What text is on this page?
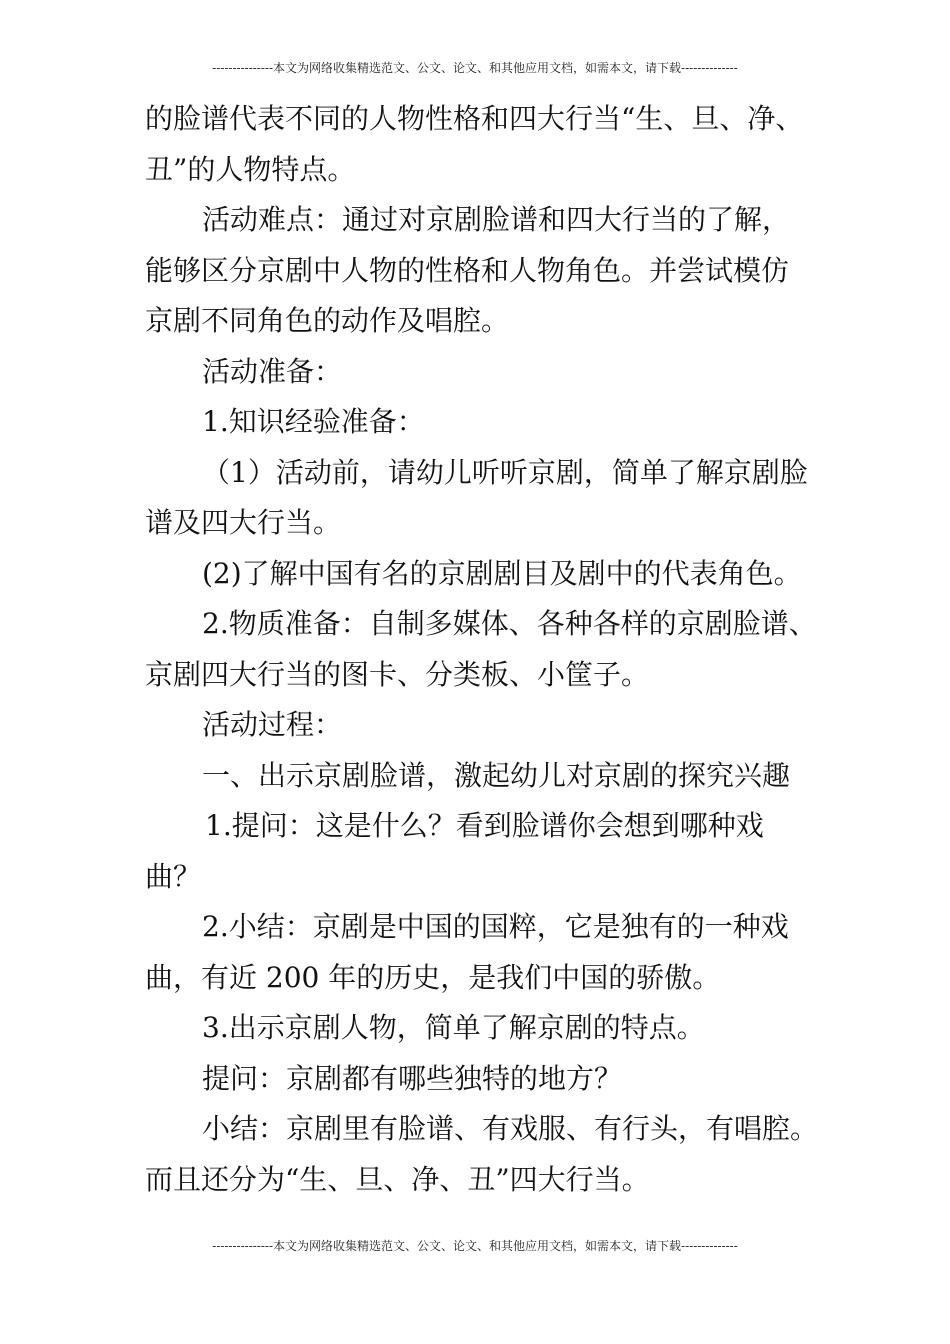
---------------本文为网络收集精选范文、公文、论文、和其他应用文档，如需本文，请下载--------------
的脸谱代表不同的人物性格和四大行当“生、旦、净、
丑”的人物特点。
活动难点：通过对京剧脸谱和四大行当的了解，
能够区分京剧中人物的性格和人物角色。并尝试模仿
京剧不同角色的动作及唱腔。
活动准备：
1.知识经验准备：
（1）活动前，请幼儿听听京剧，简单了解京剧脸
谱及四大行当。
(2)了解中国有名的京剧剧目及剧中的代表角色。
2.物质准备：自制多媒体、各种各样的京剧脸谱、
京剧四大行当的图卡、分类板、小筐子。
活动过程：
一、出示京剧脸谱，激起幼儿对京剧的探究兴趣
1.提问：这是什么？看到脸谱你会想到哪种戏
曲？
2.小结：京剧是中国的国粹，它是独有的一种戏
曲，有近 200 年的历史，是我们中国的骄傲。
3.出示京剧人物，简单了解京剧的特点。
提问：京剧都有哪些独特的地方？
小结：京剧里有脸谱、有戏服、有行头，有唱腔。
而且还分为“生、旦、净、丑”四大行当。
---------------本文为网络收集精选范文、公文、论文、和其他应用文档，如需本文，请下载--------------
